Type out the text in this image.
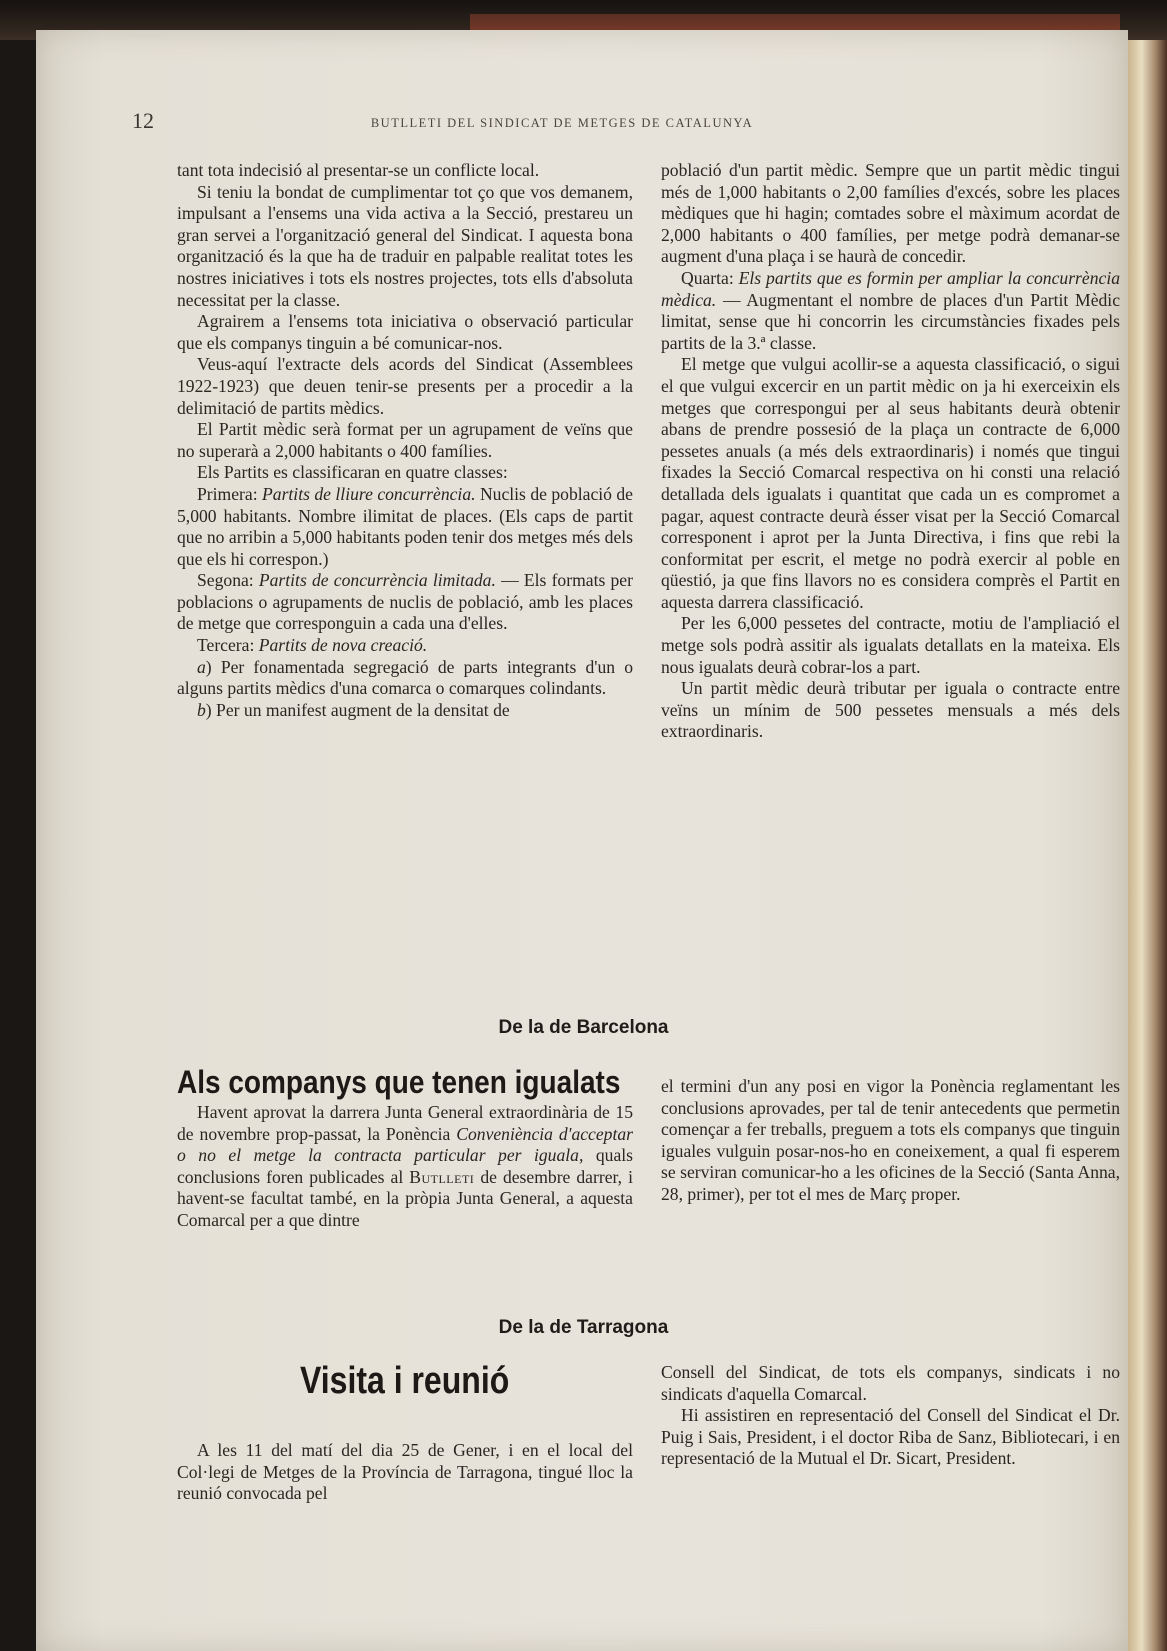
12	BUTLLETI DEL SINDICAT DE METGES DE CATALUNYA

tant tota indecisió al presentar-se un conflicte local.

Si teniu la bondat de cumplimentar tot ço que vos demanem, impulsant a l'ensems una vida activa a la Secció, prestareu un gran servei a l'organització general del Sindicat. I aquesta bona organització és la que ha de traduir en palpable realitat totes les nostres iniciatives i tots els nostres projectes, tots ells d'absoluta necessitat per la classe.

Agrairem a l'ensems tota iniciativa o observació particular que els companys tinguin a bé comunicar-nos.

Veus-aquí l'extracte dels acords del Sindicat (Assemblees 1922-1923) que deuen tenir-se presents per a procedir a la delimitació de partits mèdics.

El Partit mèdic serà format per un agrupament de veïns que no superarà a 2,000 habitants o 400 famílies.

Els Partits es classificaran en quatre classes:

Primera: Partits de lliure concurrència. Nuclis de població de 5,000 habitants. Nombre ilimitat de places. (Els caps de partit que no arribin a 5,000 habitants poden tenir dos metges més dels que els hi correspon.)

Segona: Partits de concurrència limitada. — Els formats per poblacions o agrupaments de nuclis de població, amb les places de metge que corresponguin a cada una d'elles.

Tercera: Partits de nova creació.

a) Per fonamentada segregació de parts integrants d'un o alguns partits mèdics d'una comarca o comarques colindants.

b) Per un manifest augment de la densitat de

població d'un partit mèdic. Sempre que un partit mèdic tingui més de 1,000 habitants o 2,00 famílies d'excés, sobre les places mèdiques que hi hagin; comtades sobre el màximum acordat de 2,000 habitants o 400 famílies, per metge podrà demanar-se augment d'una plaça i se haurà de concedir.

Quarta: Els partits que es formin per ampliar la concurrència mèdica. — Augmentant el nombre de places d'un Partit Mèdic limitat, sense que hi concorrin les circumstàncies fixades pels partits de la 3.ª classe.

El metge que vulgui acollir-se a aquesta classificació, o sigui el que vulgui excercir en un partit mèdic on ja hi exerceixin els metges que correspongui per al seus habitants deurà obtenir abans de prendre possesió de la plaça un contracte de 6,000 pessetes anuals (a més dels extraordinaris) i només que tingui fixades la Secció Comarcal respectiva on hi consti una relació detallada dels igualats i quantitat que cada un es compromet a pagar, aquest contracte deurà ésser visat per la Secció Comarcal corresponent i aprot per la Junta Directiva, i fins que rebi la conformitat per escrit, el metge no podrà exercir al poble en qüestió, ja que fins llavors no es considera comprès el Partit en aquesta darrera classificació.

Per les 6,000 pessetes del contracte, motiu de l'ampliació el metge sols podrà assitir als igualats detallats en la mateixa. Els nous igualats deurà cobrar-los a part.

Un partit mèdic deurà tributar per iguala o contracte entre veïns un mínim de 500 pessetes mensuals a més dels extraordinaris.

De la de Barcelona
Als companys que tenen igualats

Havent aprovat la darrera Junta General extraordinària de 15 de novembre prop-passat, la Ponència Conveniència d'acceptar o no el metge la contracta particular per iguala, quals conclusions foren publicades al Butlleti de desembre darrer, i havent-se facultat també, en la pròpia Junta General, a aquesta Comarcal per a que dintre

el termini d'un any posi en vigor la Ponència reglamentant les conclusions aprovades, per tal de tenir antecedents que permetin començar a fer treballs, preguem a tots els companys que tinguin iguales vulguin posar-nos-ho en coneixement, a qual fi esperem se serviran comunicar-ho a les oficines de la Secció (Santa Anna, 28, primer), per tot el mes de Març proper.

De la de Tarragona
Visita i reunió

A les 11 del matí del dia 25 de Gener, i en el local del Col·legi de Metges de la Província de Tarragona, tingué lloc la reunió convocada pel

Consell del Sindicat, de tots els companys, sindicats i no sindicats d'aquella Comarcal.

Hi assistiren en representació del Consell del Sindicat el Dr. Puig i Sais, President, i el doctor Riba de Sanz, Bibliotecari, i en representació de la Mutual el Dr. Sicart, President.
